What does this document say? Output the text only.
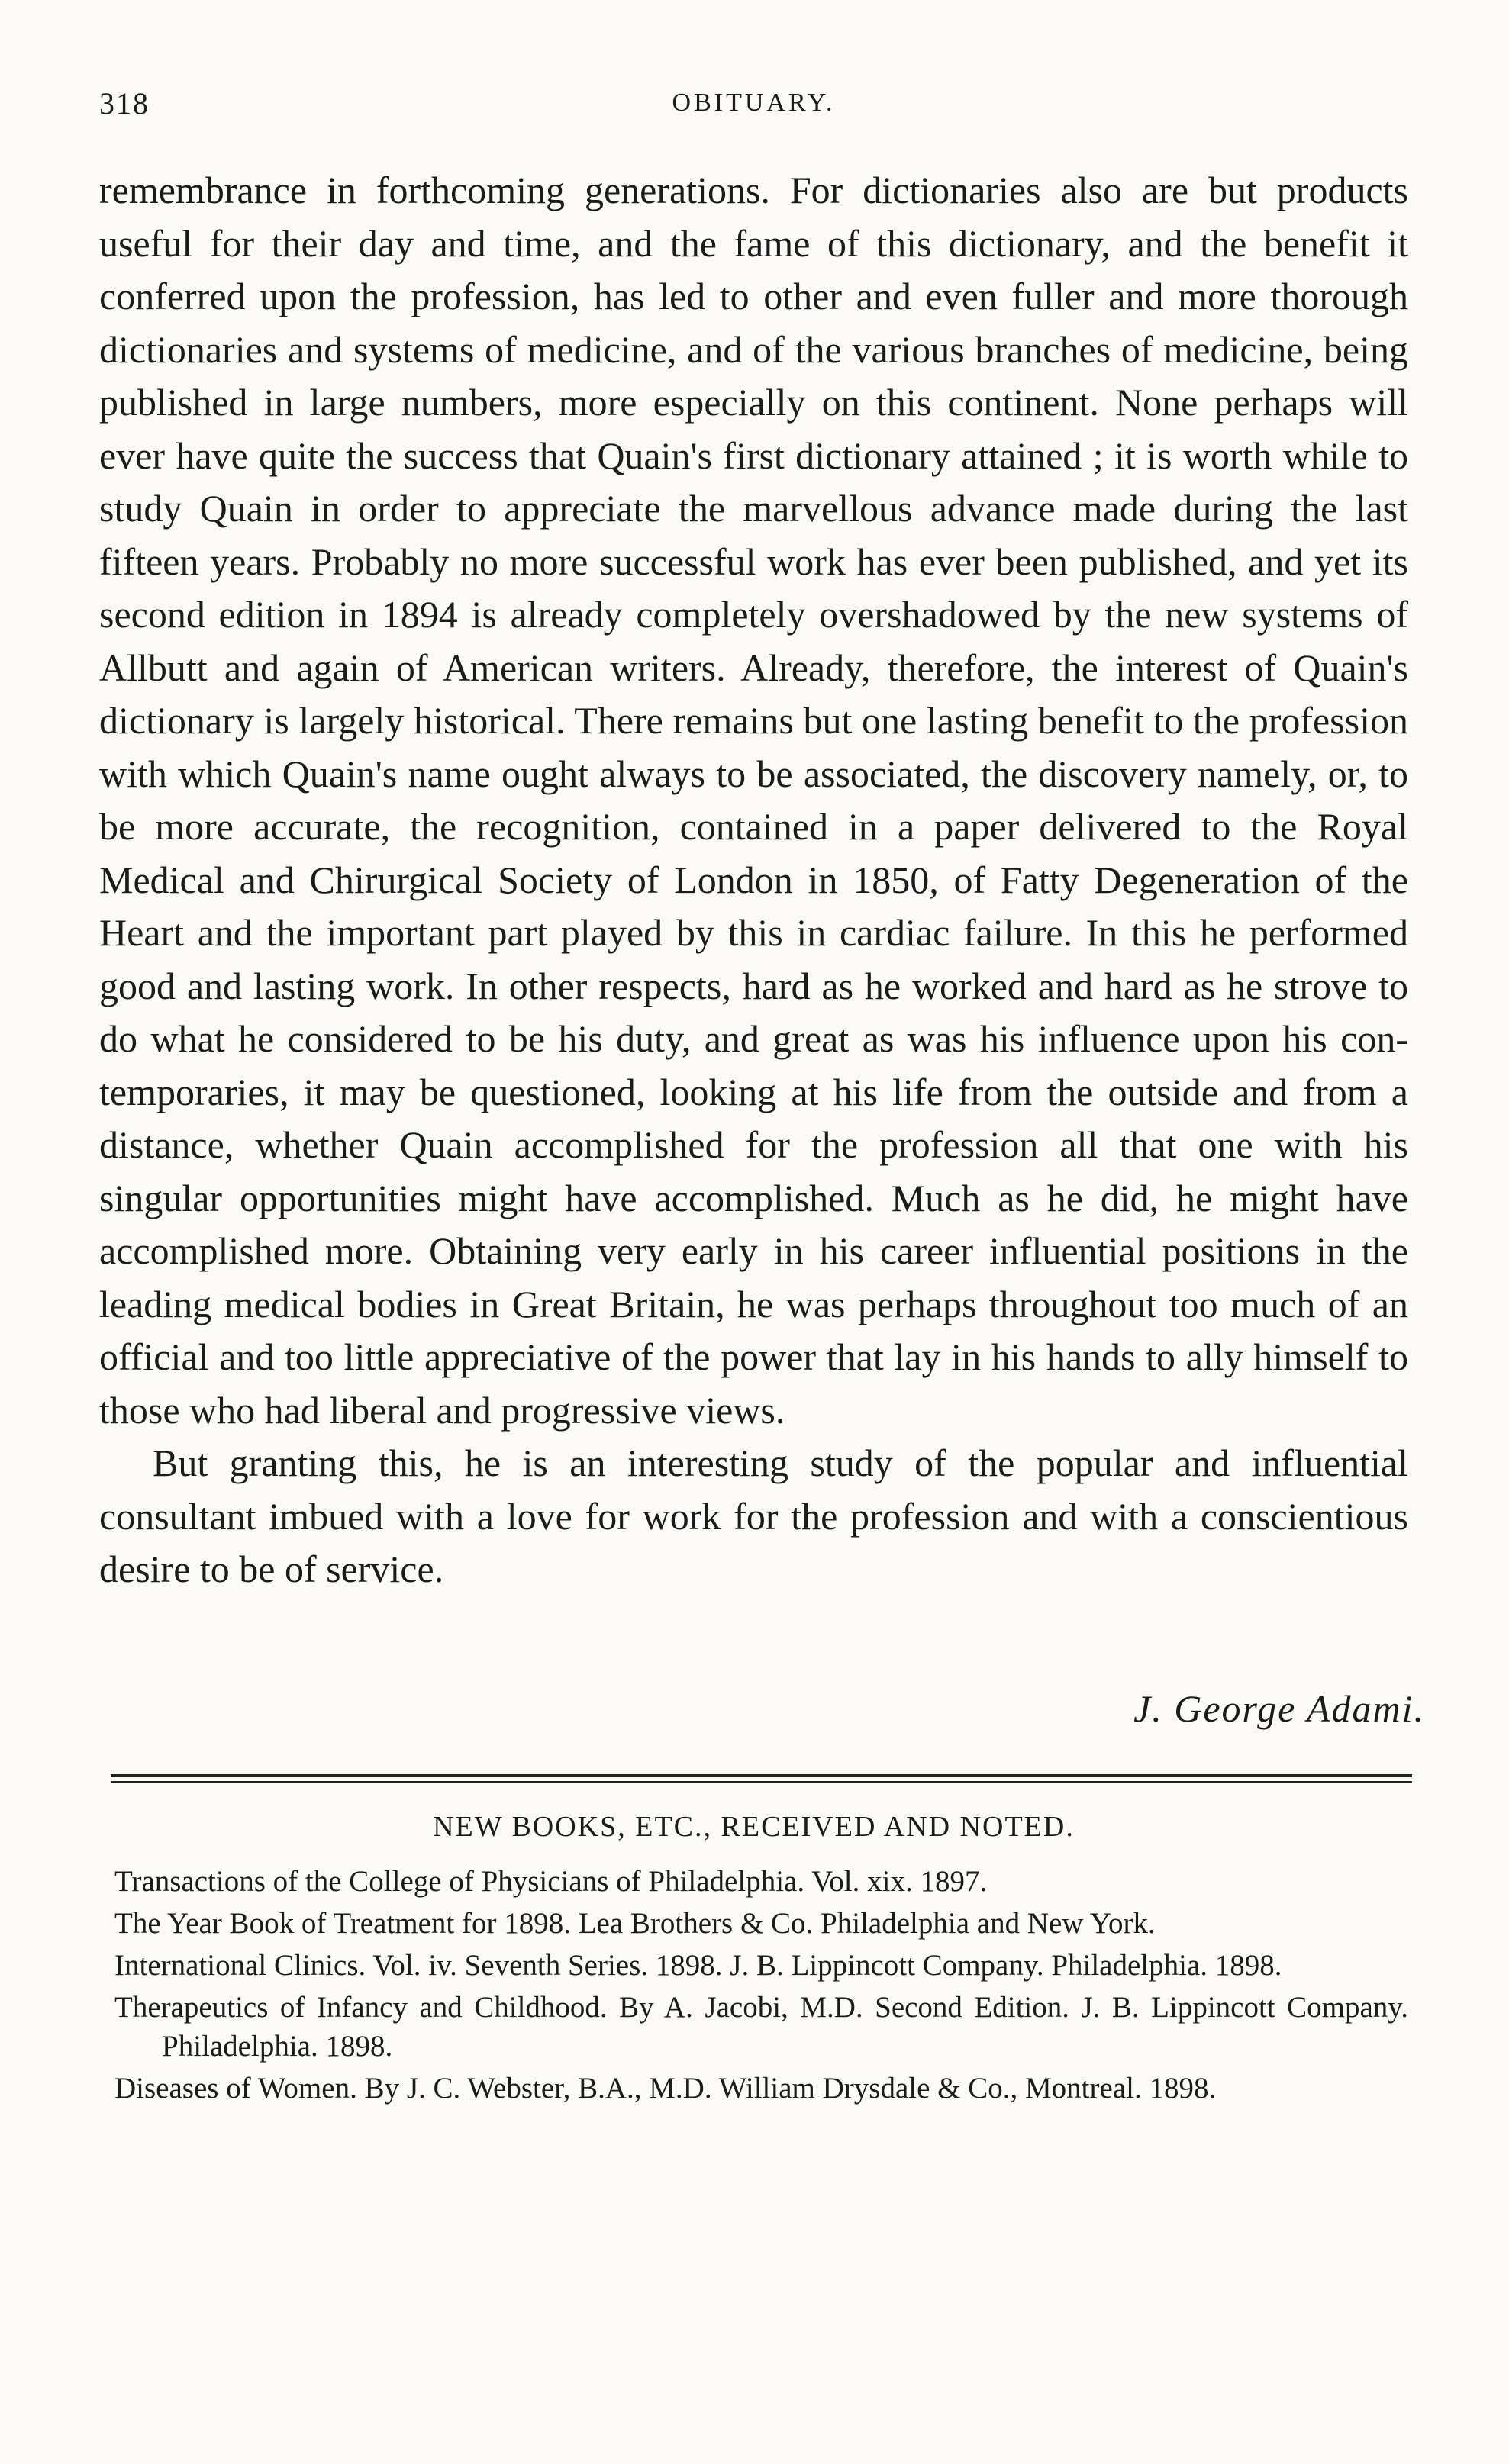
318	OBITUARY.

remembrance in forthcoming generations. For dictionaries also are but products useful for their day and time, and the fame of this dictionary, and the benefit it conferred upon the profession, has led to other and even fuller and more thorough dictionaries and systems of medicine, and of the various branches of medicine, being published in large numbers, more especially on this continent. None perhaps will ever have quite the success that Quain's first dictionary attained ; it is worth while to study Quain in order to appreciate the marvellous advance made during the last fifteen years. Probably no more successful work has ever been published, and yet its second edition in 1894 is already completely overshadowed by the new systems of Allbutt and again of American writers. Already, therefore, the interest of Quain's dictionary is largely historical. There remains but one lasting benefit to the profession with which Quain's name ought always to be associated, the discovery namely, or, to be more accurate, the recognition, contained in a paper delivered to the Royal Medical and Chirurgical Society of London in 1850, of Fatty Degeneration of the Heart and the important part played by this in cardiac failure. In this he performed good and lasting work. In other respects, hard as he worked and hard as he strove to do what he considered to be his duty, and great as was his influence upon his contemporaries, it may be questioned, looking at his life from the outside and from a distance, whether Quain accomplished for the profession all that one with his singular opportunities might have accomplished. Much as he did, he might have accomplished more. Obtaining very early in his career influential positions in the leading medical bodies in Great Britain, he was perhaps throughout too much of an official and too little appreciative of the power that lay in his hands to ally himself to those who had liberal and progressive views.

But granting this, he is an interesting study of the popular and influential consultant imbued with a love for work for the profession and with a conscientious desire to be of service.

J. George Adami.
NEW BOOKS, ETC., RECEIVED AND NOTED.
Transactions of the College of Physicians of Philadelphia. Vol. xix. 1897.
The Year Book of Treatment for 1898. Lea Brothers & Co. Philadelphia and New York.
International Clinics. Vol. iv. Seventh Series. 1898. J. B. Lippincott Company. Philadelphia. 1898.
Therapeutics of Infancy and Childhood. By A. Jacobi, M.D. Second Edition. J. B. Lippincott Company. Philadelphia. 1898.
Diseases of Women. By J. C. Webster, B.A., M.D. William Drysdale & Co., Montreal. 1898.
